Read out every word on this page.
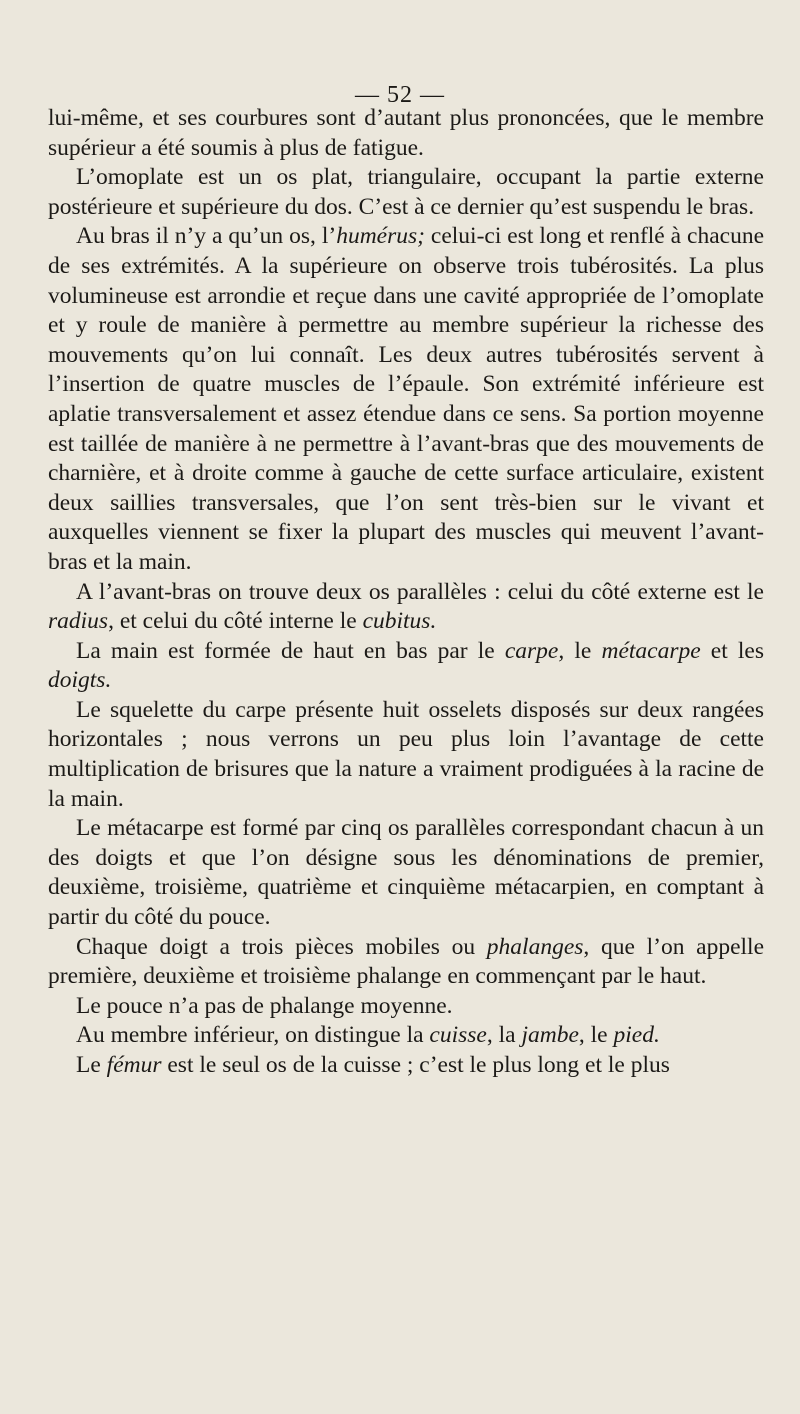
— 52 —

lui-même, et ses courbures sont d’autant plus prononcées, que le membre supérieur a été soumis à plus de fatigue.

L’omoplate est un os plat, triangulaire, occupant la partie externe postérieure et supérieure du dos. C’est à ce dernier qu’est suspendu le bras.

Au bras il n’y a qu’un os, l’humérus; celui-ci est long et renflé à chacune de ses extrémités. A la supérieure on observe trois tubérosités. La plus volumineuse est arrondie et reçue dans une cavité appropriée de l’omoplate et y roule de manière à permettre au membre supérieur la richesse des mouvements qu’on lui connaît. Les deux autres tubérosités servent à l’insertion de quatre muscles de l’épaule. Son extrémité inférieure est aplatie transversalement et assez étendue dans ce sens. Sa portion moyenne est taillée de manière à ne permettre à l’avant-bras que des mouvements de charnière, et à droite comme à gauche de cette surface articulaire, existent deux saillies transversales, que l’on sent très-bien sur le vivant et auxquelles viennent se fixer la plupart des muscles qui meuvent l’avant-bras et la main.

A l’avant-bras on trouve deux os parallèles : celui du côté externe est le radius, et celui du côté interne le cubitus.

La main est formée de haut en bas par le carpe, le métacarpe et les doigts.

Le squelette du carpe présente huit osselets disposés sur deux rangées horizontales ; nous verrons un peu plus loin l’avantage de cette multiplication de brisures que la nature a vraiment prodiguées à la racine de la main.

Le métacarpe est formé par cinq os parallèles correspondant chacun à un des doigts et que l’on désigne sous les dénominations de premier, deuxième, troisième, quatrième et cinquième métacarpien, en comptant à partir du côté du pouce.

Chaque doigt a trois pièces mobiles ou phalanges, que l’on appelle première, deuxième et troisième phalange en commençant par le haut.

Le pouce n’a pas de phalange moyenne.

Au membre inférieur, on distingue la cuisse, la jambe, le pied.

Le fémur est le seul os de la cuisse ; c’est le plus long et le plus
